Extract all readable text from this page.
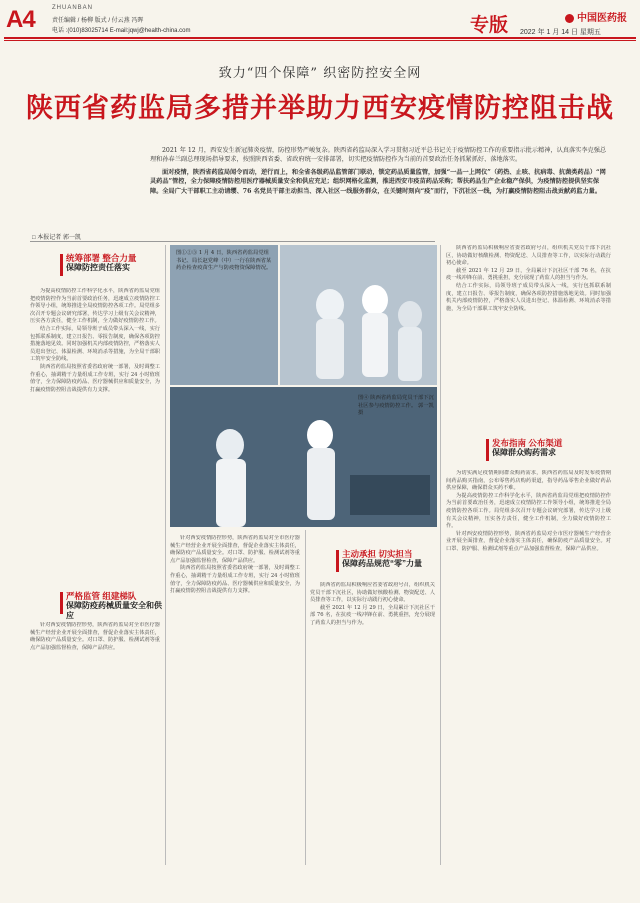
A4	ZHUANBAN
责任编辑 / 杨柳 版式 / 付云燕 冯晖
电话 :(010)83025714 E-mail:jqwj@health-china.com	专版	中国医药报
2022 年 1 月 14 日 星期五
致力“四个保障” 织密防控安全网
陕西省药监局多措并举助力西安疫情防控阻击战

2021 年 12 月，西安发生新冠肺炎疫情，防控形势严峻复杂。陕西省药监局深入学习贯彻习近平总书记关于疫情防控工作的重要指示批示精神，认真落实李克强总理和孙春兰副总理现场指导要求，按照陕西省委、省政府统一安排部署，切实把疫情防控作为当前的首要政治任务抓紧抓好、落地落实。

面对疫情，陕西省药监局闻令而动，逆行而上，和全省各级药品监管部门联动，锁定药品质量监管，加强“一品一上网仪”（药热、止咳、抗病毒、抗菌类药品）“网灵药品”管控，全力保障疫情防控用医疗器械质量安全和供应充足；组织网格化监测，推进西安市疫苗药品采购；帮扶药品生产企业稳产保供，为疫情防控提供坚实保障。全局广大干部职工主动请缨、76 名党员干部主动担当、深入社区一线服务群众，在关键时刻向“疫”而行，下沉社区一线，为打赢疫情防控阻击战贡献药监力量。

□ 本报记者 郭一凯
统筹部署 整合力量
保障防控责任落实

为提高疫情防控工作科学化水平，陕西省药监局党组把疫情防控作为当前首要政治任务，迅速成立疫情防控工作领导小组，统筹推进全局疫情防控各项工作。局党组多次召开专题会议研究部署，传达学习上级有关会议精神，压实各方责任，健全工作机制，全力做好疫情防控工作。

结合工作实际，局领导班子成员带头深入一线，实行包抓联系制度，建立日报告、零报告制度，确保各项防控措施落地见效。同时加强机关内部疫情防控，严格落实人员进出登记、体温检测、环境消杀等措施，为全局干部职工筑牢安全防线。

陕西省药监局按照省委省政府统一部署，及时调整工作重心，抽调精干力量组成工作专班，实行 24 小时值班值守，全力保障防疫药品、医疗器械供应和质量安全，为打赢疫情防控阻击战提供有力支撑。

严格监管 组建梯队
保障防疫药械质量安全和供应

针对西安疫情防控形势，陕西省药监局对全市医疗器械生产经营企业开展全面排查，督促企业落实主体责任，确保防疫产品质量安全。对口罩、防护服、检测试剂等重点产品加强监督检查，保障产品供应。

图①②③ 1 月 4 日，陕西省药监局党组书记、局长赵党峰（中）一行在陕西省某药企检查疫苗生产与防疫物资保障情况。
图④ 陕西省药监局党员干部下沉社区参与疫情防控工作。 郭一凯 摄

针对西安疫情防控形势，陕西省药监局对全市医疗器械生产经营企业开展全面排查，督促企业落实主体责任，确保防疫产品质量安全。对口罩、防护服、检测试剂等重点产品加强监督检查，保障产品供应。

陕西省药监局按照省委省政府统一部署，及时调整工作重心，抽调精干力量组成工作专班，实行 24 小时值班值守，全力保障防疫药品、医疗器械供应和质量安全，为打赢疫情防控阻击战提供有力支撑。

主动承担 切实担当
保障药品规范“零”力量

陕西省药监局积极响应省委省政府号召，组织机关党员干部下沉社区，协助做好核酸检测、物资配送、人员排查等工作，以实际行动践行初心使命。

截至 2021 年 12 月 29 日，全局累计下沉社区干部 76 名，在抗疫一线冲锋在前、勇挑重担，充分展现了药监人的担当与作为。

陕西省药监局积极响应省委省政府号召，组织机关党员干部下沉社区，协助做好核酸检测、物资配送、人员排查等工作，以实际行动践行初心使命。

截至 2021 年 12 月 29 日，全局累计下沉社区干部 76 名，在抗疫一线冲锋在前、勇挑重担，充分展现了药监人的担当与作为。

结合工作实际，局领导班子成员带头深入一线，实行包抓联系制度，建立日报告、零报告制度，确保各项防控措施落地见效。同时加强机关内部疫情防控，严格落实人员进出登记、体温检测、环境消杀等措施，为全局干部职工筑牢安全防线。

发布指南 公布渠道
保障群众购药需求

为切实满足疫情期间群众购药需求，陕西省药监局及时发布疫情期间药品购买指南，公布零售药店购药渠道，指导药品零售企业做好药品供应保障，确保群众买药不难。

为提高疫情防控工作科学化水平，陕西省药监局党组把疫情防控作为当前首要政治任务，迅速成立疫情防控工作领导小组，统筹推进全局疫情防控各项工作。局党组多次召开专题会议研究部署，传达学习上级有关会议精神，压实各方责任，健全工作机制，全力做好疫情防控工作。

针对西安疫情防控形势，陕西省药监局对全市医疗器械生产经营企业开展全面排查，督促企业落实主体责任，确保防疫产品质量安全。对口罩、防护服、检测试剂等重点产品加强监督检查，保障产品供应。
